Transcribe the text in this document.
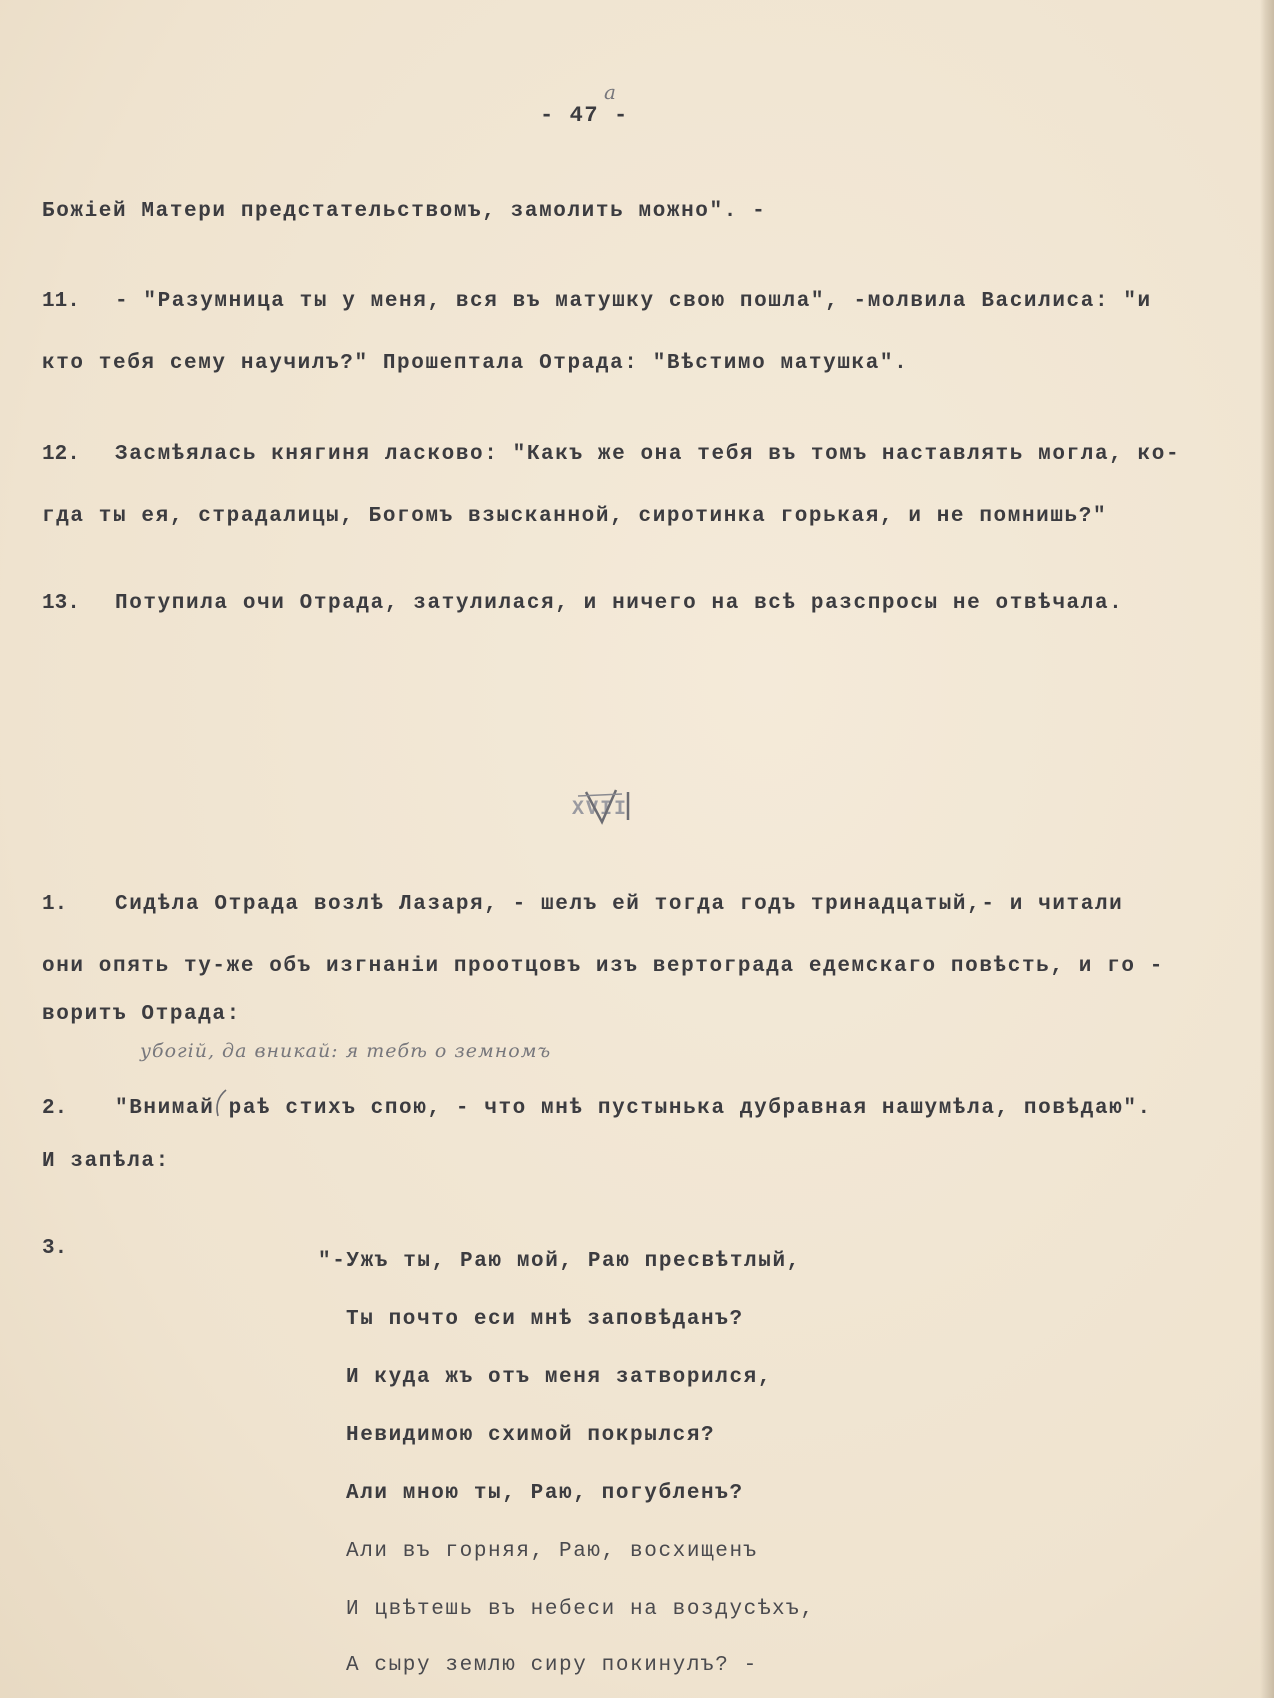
- 47 -
a
Божіей Матери предстательствомъ, замолить можно". -
11. - "Разумница ты у меня, вся въ матушку свою пошла", -молвила Василиса: "и
кто тебя сему научилъ?" Прошептала Отрада: "Вѣстимо матушка".
12. Засмѣялась княгиня ласково: "Какъ же она тебя въ томъ наставлять могла, ко-
гда ты ея, страдалицы, Богомъ взысканной, сиротинка горькая, и не помнишь?"
13. Потупила очи Отрада, затулилася, и ничего на всѣ разспросы не отвѣчала.
XVII
1. Сидѣла Отрада возлѣ Лазаря, - шелъ ей тогда годъ тринадцатый,- и читали
они опять ту-же объ изгнаніи проотцовъ изъ вертограда едемскаго повѣсть, и го -
воритъ Отрада:
убогій, да вникай: я тебѣ о земномъ
2. "Внимай раѣ стихъ спою, - что мнѣ пустынька дубравная нашумѣла, повѣдаю".
И запѣла:
3.
"-Ужъ ты, Раю мой, Раю пресвѣтлый,
Ты почто еси мнѣ заповѣданъ?
И куда жъ отъ меня затворился,
Невидимою схимой покрылся?
Али мною ты, Раю, погубленъ?
Али въ горняя, Раю, восхищенъ
И цвѣтешь въ небеси на воздусѣхъ,
А сыру землю сиру покинулъ? -
